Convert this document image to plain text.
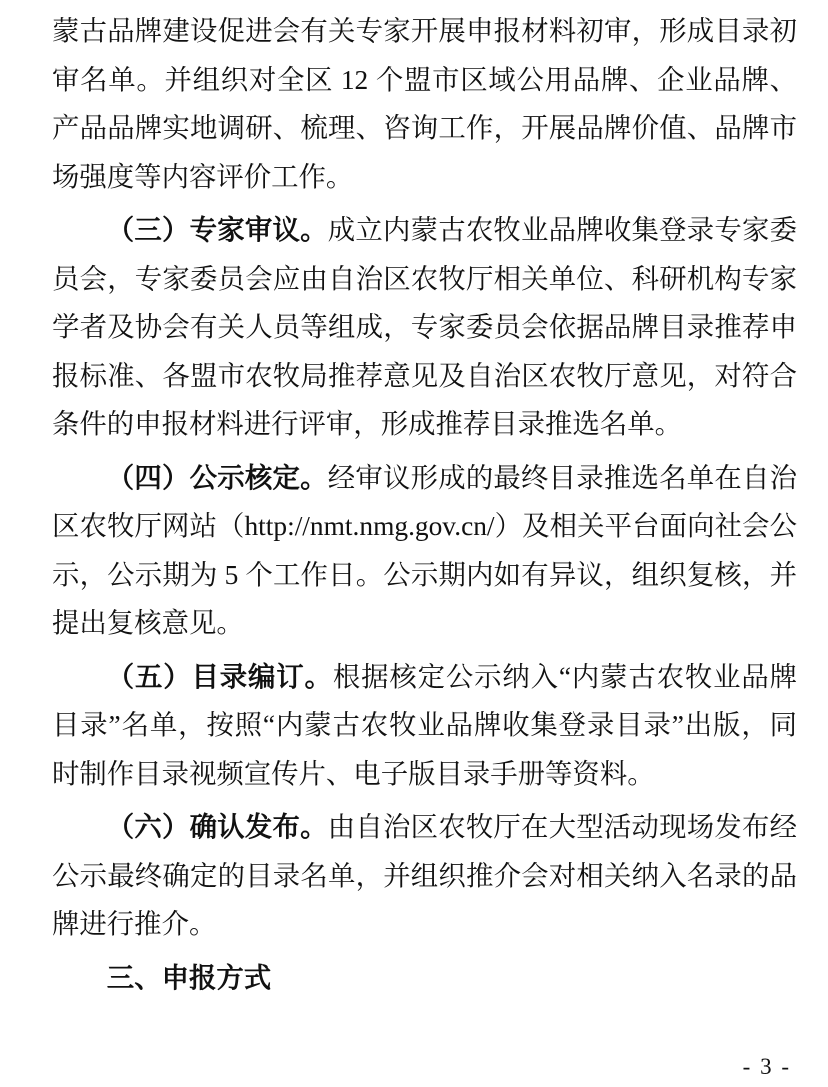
蒙古品牌建设促进会有关专家开展申报材料初审，形成目录初审名单。并组织对全区 12 个盟市区域公用品牌、企业品牌、产品品牌实地调研、梳理、咨询工作，开展品牌价值、品牌市场强度等内容评价工作。

（三）专家审议。成立内蒙古农牧业品牌收集登录专家委员会，专家委员会应由自治区农牧厅相关单位、科研机构专家学者及协会有关人员等组成，专家委员会依据品牌目录推荐申报标准、各盟市农牧局推荐意见及自治区农牧厅意见，对符合条件的申报材料进行评审，形成推荐目录推选名单。

（四）公示核定。经审议形成的最终目录推选名单在自治区农牧厅网站（http://nmt.nmg.gov.cn/）及相关平台面向社会公示，公示期为 5 个工作日。公示期内如有异议，组织复核，并提出复核意见。

（五）目录编订。根据核定公示纳入“内蒙古农牧业品牌目录”名单，按照“内蒙古农牧业品牌收集登录目录”出版，同时制作目录视频宣传片、电子版目录手册等资料。

（六）确认发布。由自治区农牧厅在大型活动现场发布经公示最终确定的目录名单，并组织推介会对相关纳入名录的品牌进行推介。

三、申报方式

- 3 -
